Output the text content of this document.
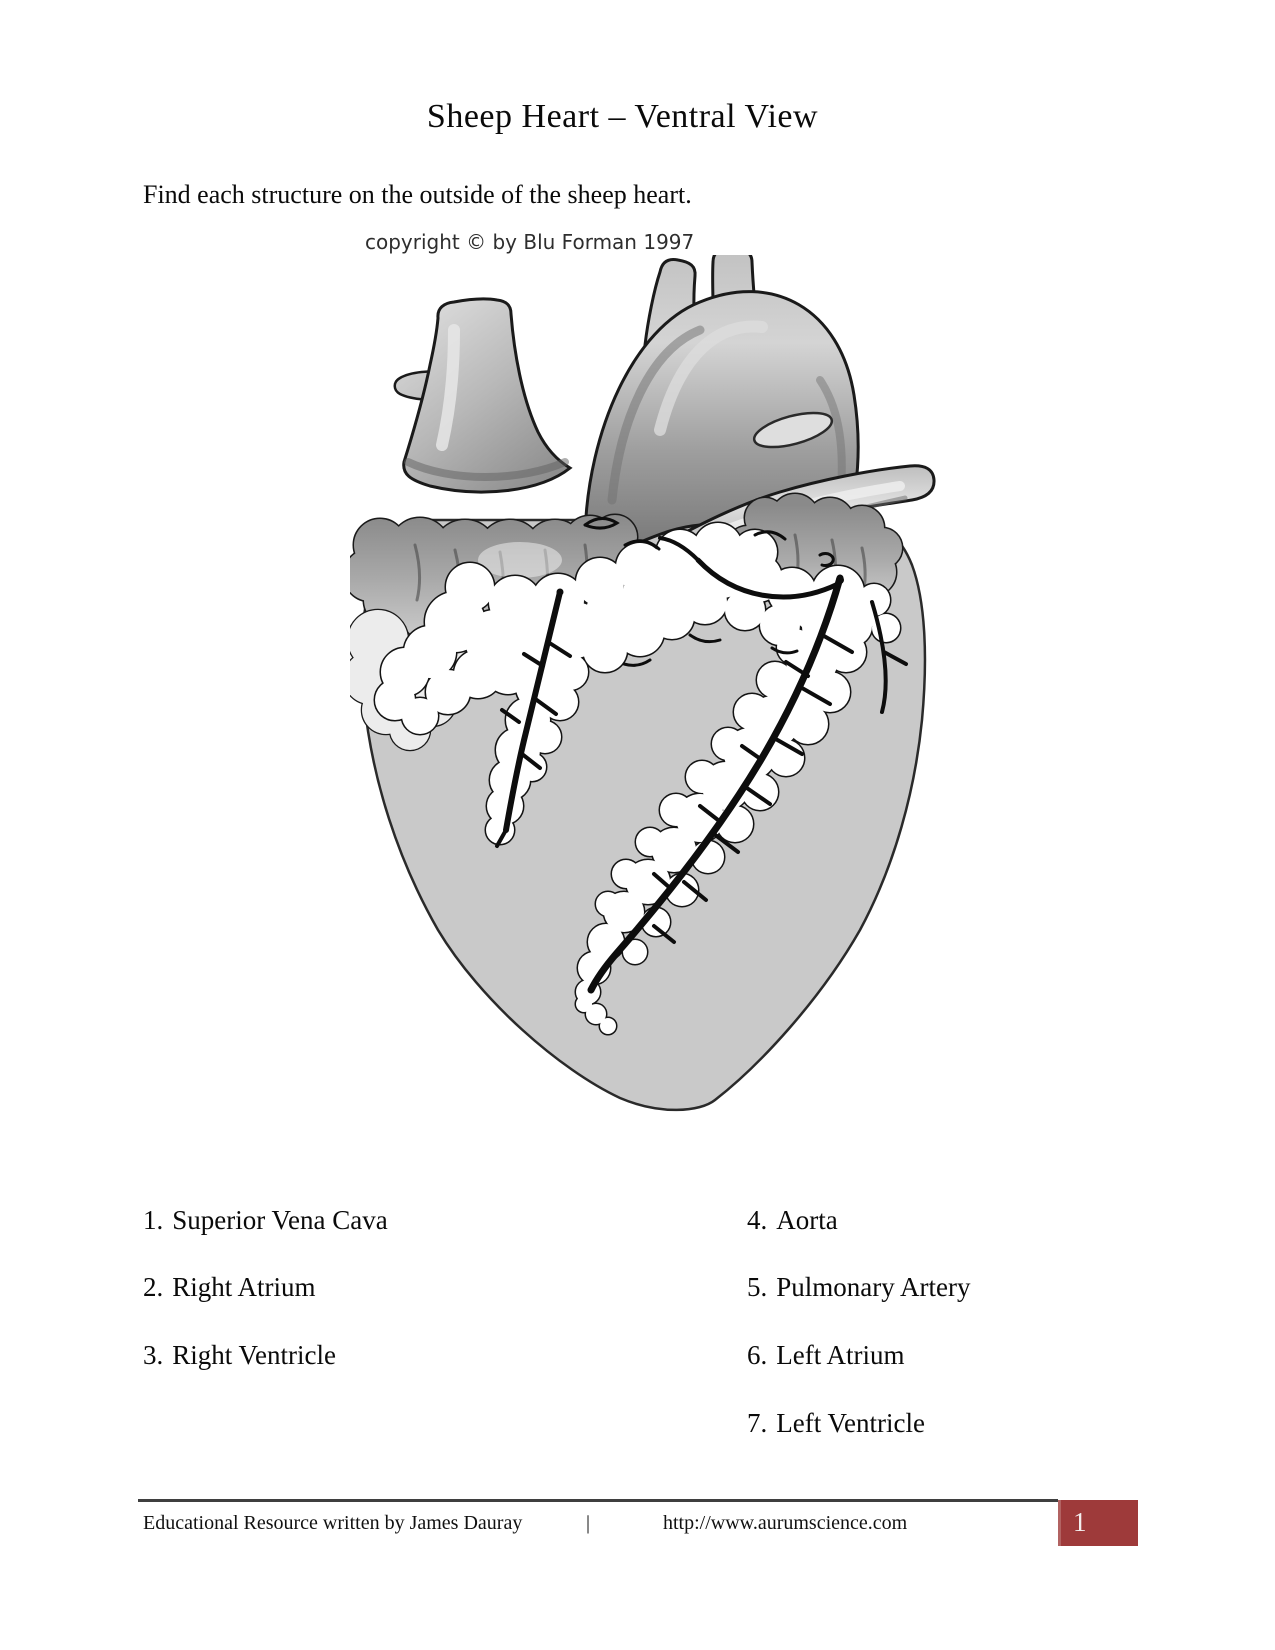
Sheep Heart – Ventral View
Find each structure on the outside of the sheep heart.
copyright © by Blu Forman 1997
1. Superior Vena Cava
2. Right Atrium
3. Right Ventricle
4. Aorta
5. Pulmonary Artery
6. Left Atrium
7. Left Ventricle
Educational Resource written by James Dauray	|	http://www.aurumscience.com	1
